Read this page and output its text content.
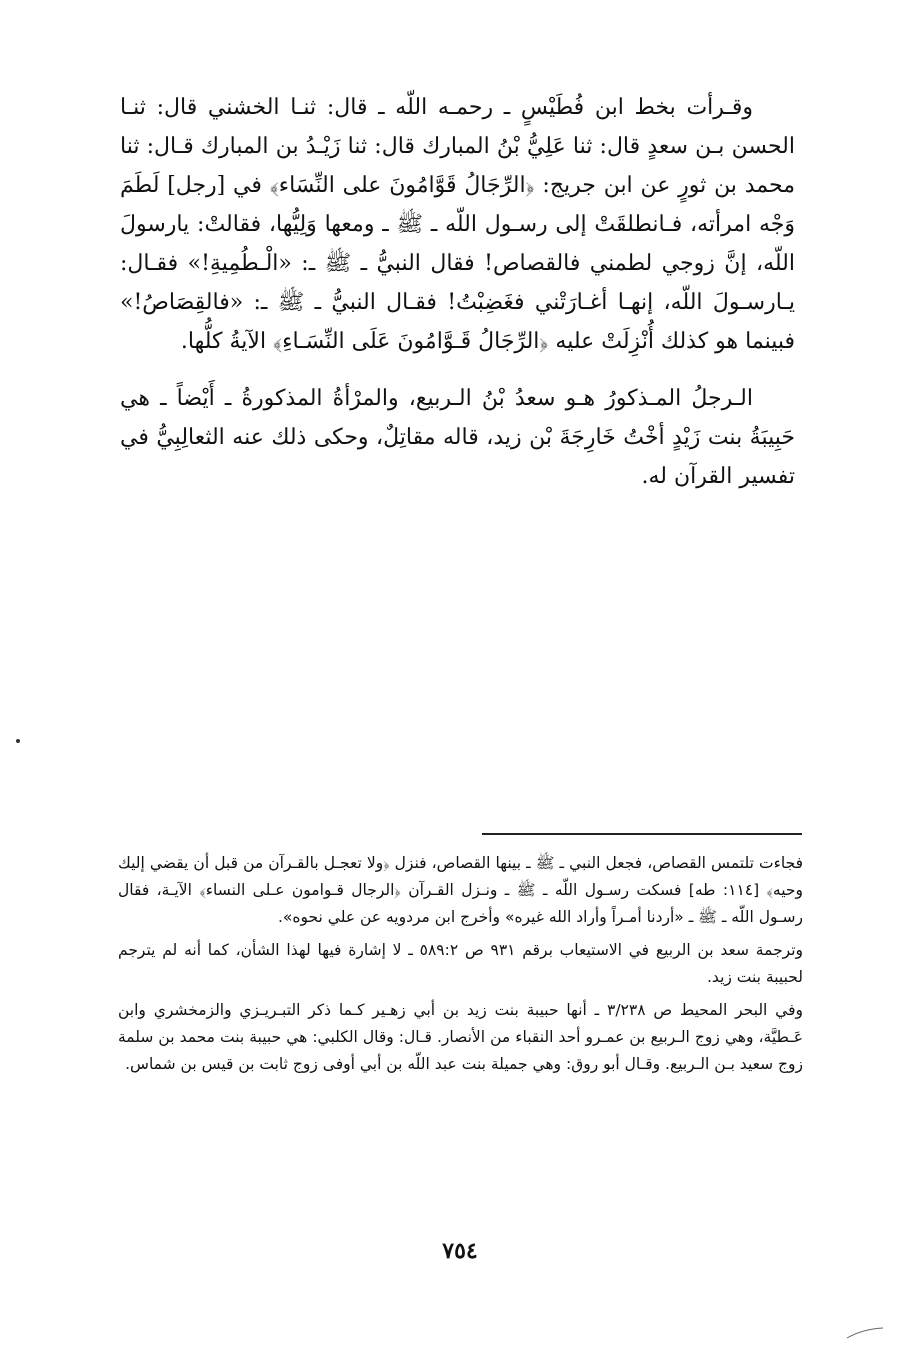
وقـرأت بخط ابن فُطَيْسٍ ـ رحمـه اللّه ـ قال: ثنـا الخشني قال: ثنـا الحسن بـن سعدٍ قال: ثنا عَلِيُّ بْنُ المبارك قال: ثنا زَيْـدُ بن المبارك قـال: ثنا محمد بن ثورٍ عن ابن جريج: ﴿الرِّجَالُ قَوَّامُونَ على النِّسَاء﴾ في [رجل] لَطَمَ وَجْه امرأته، فـانطلقَتْ إلى رسـول اللّه ـ ﷺ ـ ومعها وَلِيُّها، فقالتْ: يارسولَ اللّه، إنَّ زوجي لطمني فالقصاص! فقال النبيُّ ـ ﷺ ـ: «الْـطُمِيةِ!» فقـال: يـارسـولَ اللّه، إنهـا أغـارَتْني فغَضِبْتُ! فقـال النبيُّ ـ ﷺ ـ: «فالقِصَاصُ!» فبينما هو كذلك أُنْزِلَتْ عليه ﴿الرِّجَالُ قَـوَّامُونَ عَلَى النِّسَـاءِ﴾ الآيةُ كلُّها.

الـرجلُ المـذكورُ هـو سعدُ بْنُ الـربيع، والمرْأةُ المذكورةُ ـ أَيْضاً ـ هي حَبِيبَةُ بنت زَيْدٍ أخْتُ خَارِجَةَ بْن زيد، قاله مقاتِلٌ، وحكى ذلك عنه الثعالِبِيُّ في تفسير القرآن له.

فجاءت تلتمس القصاص، فجعل النبي ـ ﷺ ـ بينها القصاص، فنزل ﴿ولا تعجـل بالقـرآن من قبل أن يقضي إليك وحيه﴾ [١١٤: طه] فسكت رسـول اللّه ـ ﷺ ـ ونـزل القـرآن ﴿الرجال قـوامون عـلى النساء﴾ الآيـة، فقال رسـول اللّه ـ ﷺ ـ «أردنا أمـراً وأراد الله غيره» وأخرج ابن مردويه عن علي نحوه».

وترجمة سعد بن الربيع في الاستيعاب برقم ٩٣١ ص ٥٨٩:٢ ـ لا إشارة فيها لهذا الشأن، كما أنه لم يترجم لحبيبة بنت زيد.

وفي البحر المحيط ص ٣/٢٣٨ ـ أنها حبيبة بنت زيد بن أبي زهـير كـما ذكر التبـريـزي والزمخشري وابن عَـطيَّة، وهي زوج الـربيع بن عمـرو أحد النقباء من الأنصار. قـال: وقال الكلبي: هي حبيبة بنت محمد بن سلمة زوج سعيد بـن الـربيع. وقـال أبو روق: وهي جميلة بنت عبد اللّه بن أبي أوفى زوج ثابت بن قيس بن شماس.

٧٥٤
